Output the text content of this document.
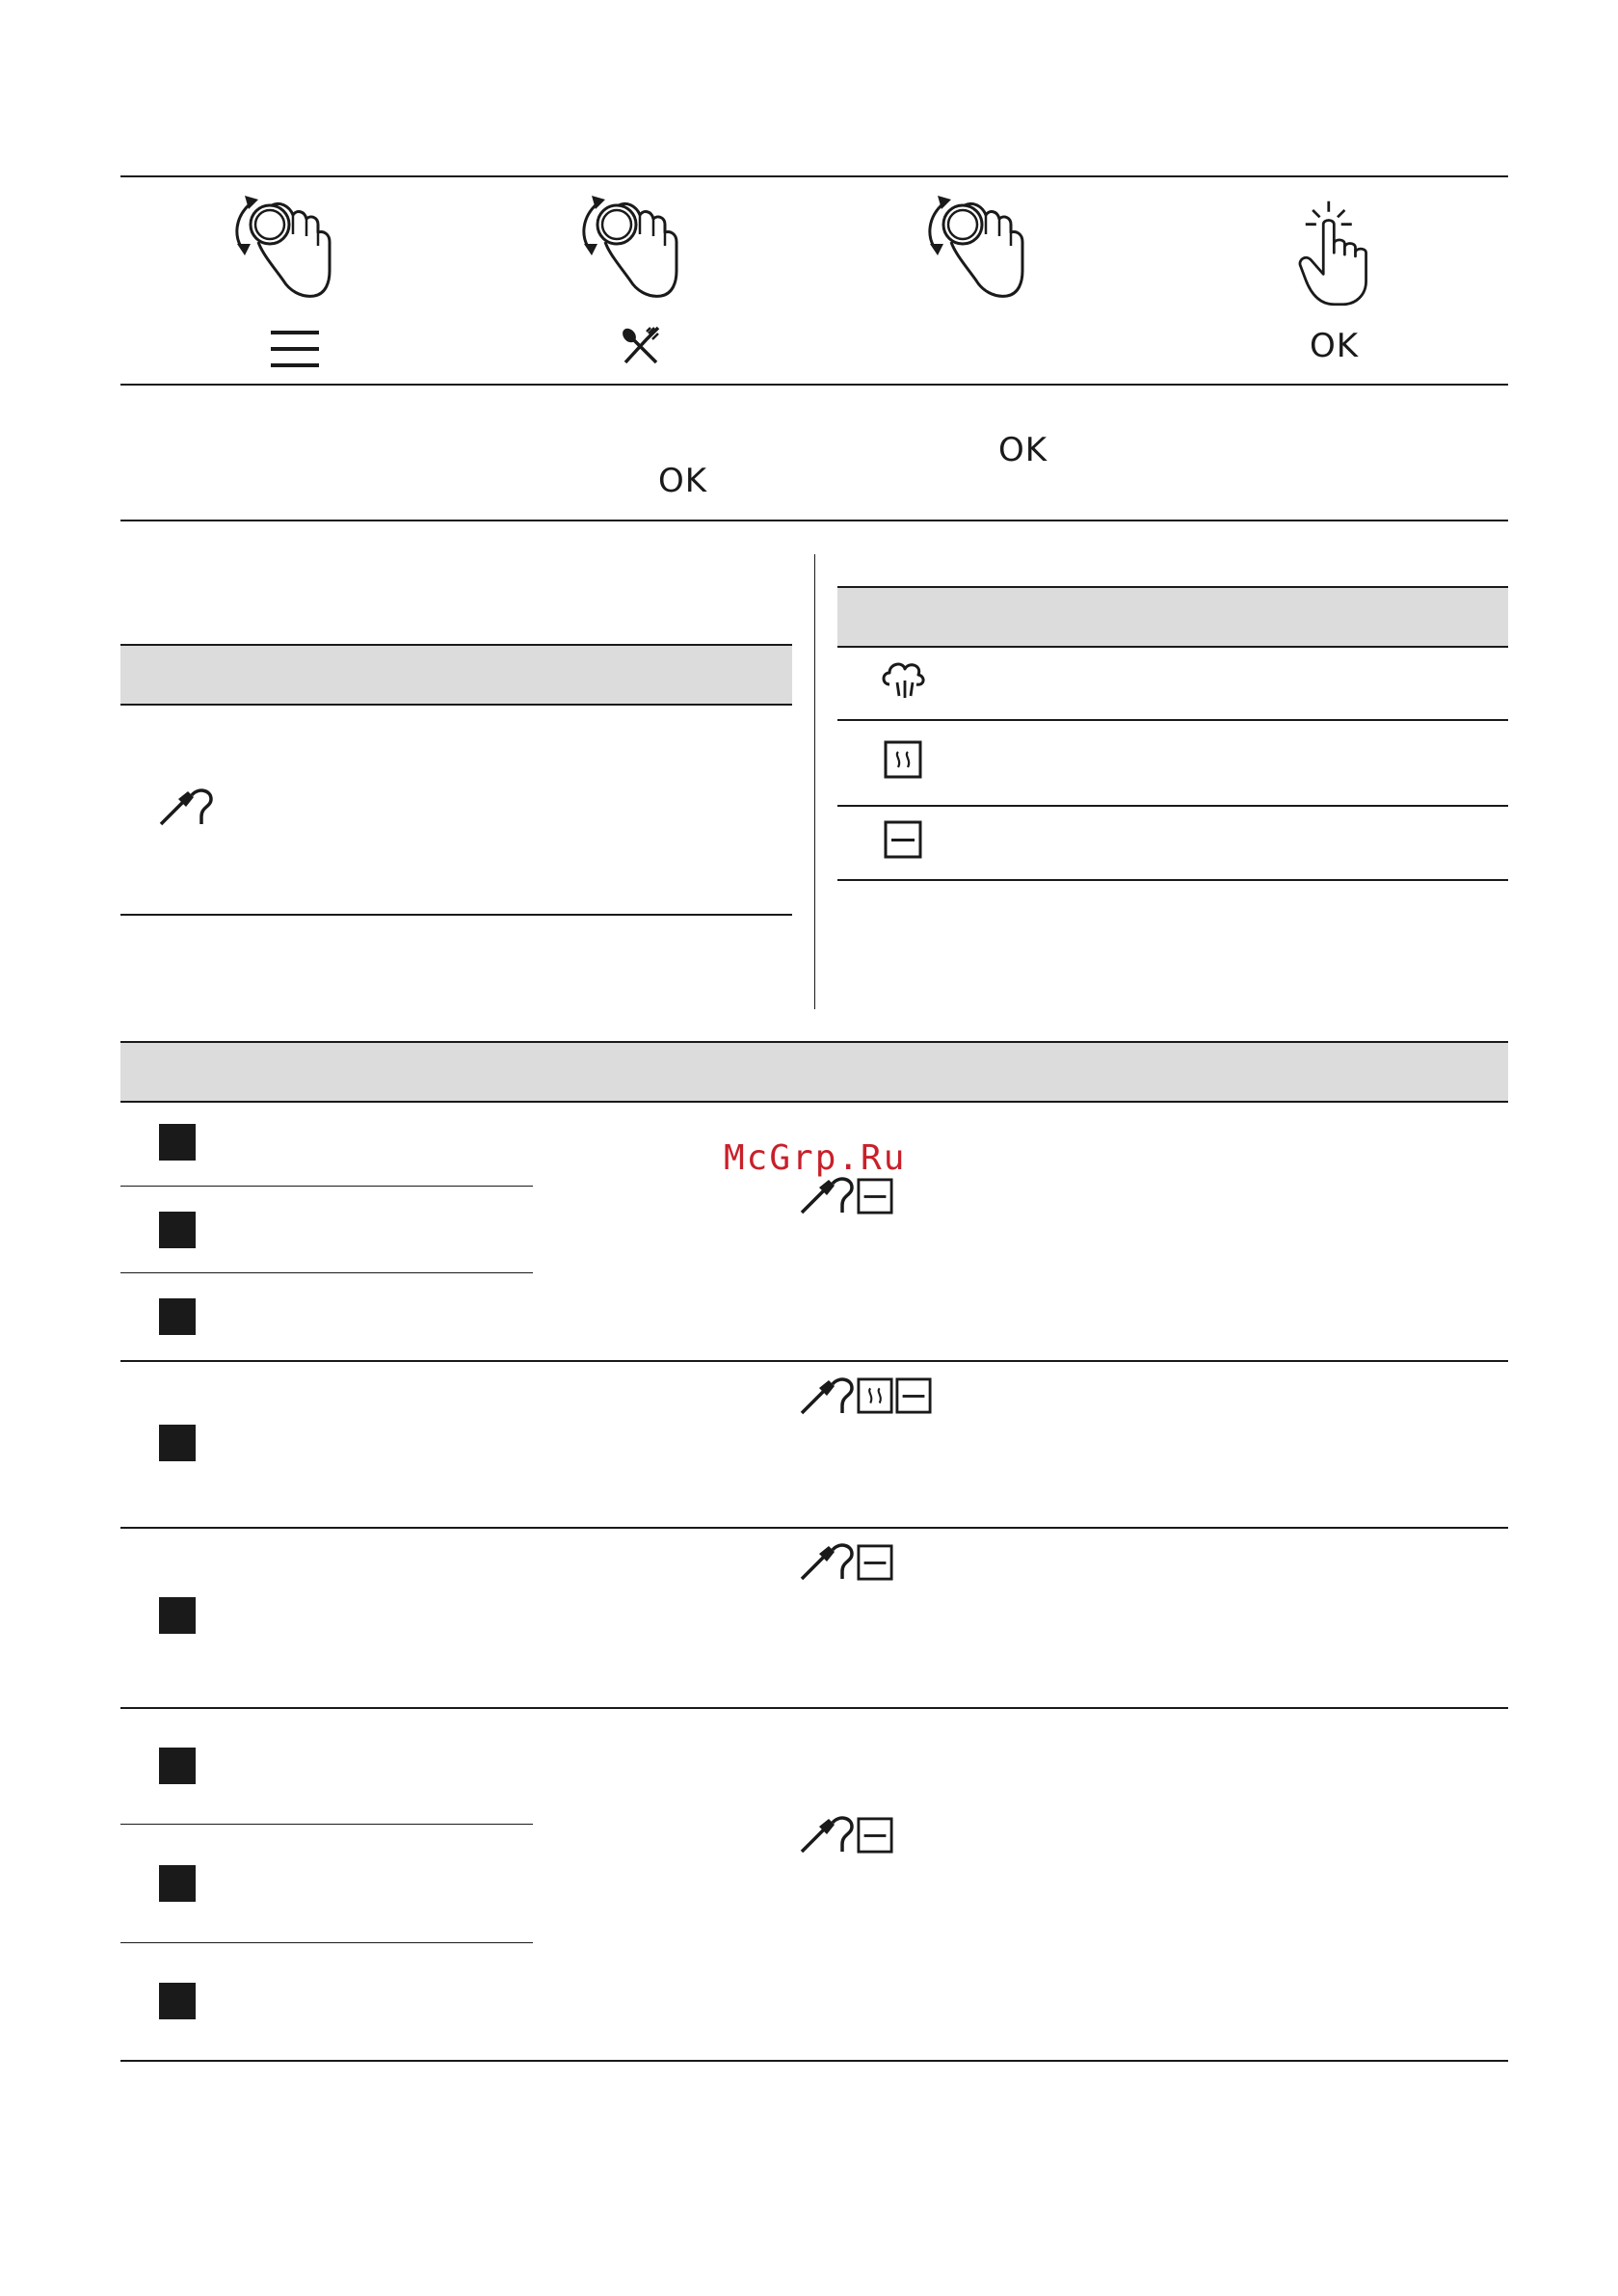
OK
OK
OK
McGrp.Ru
